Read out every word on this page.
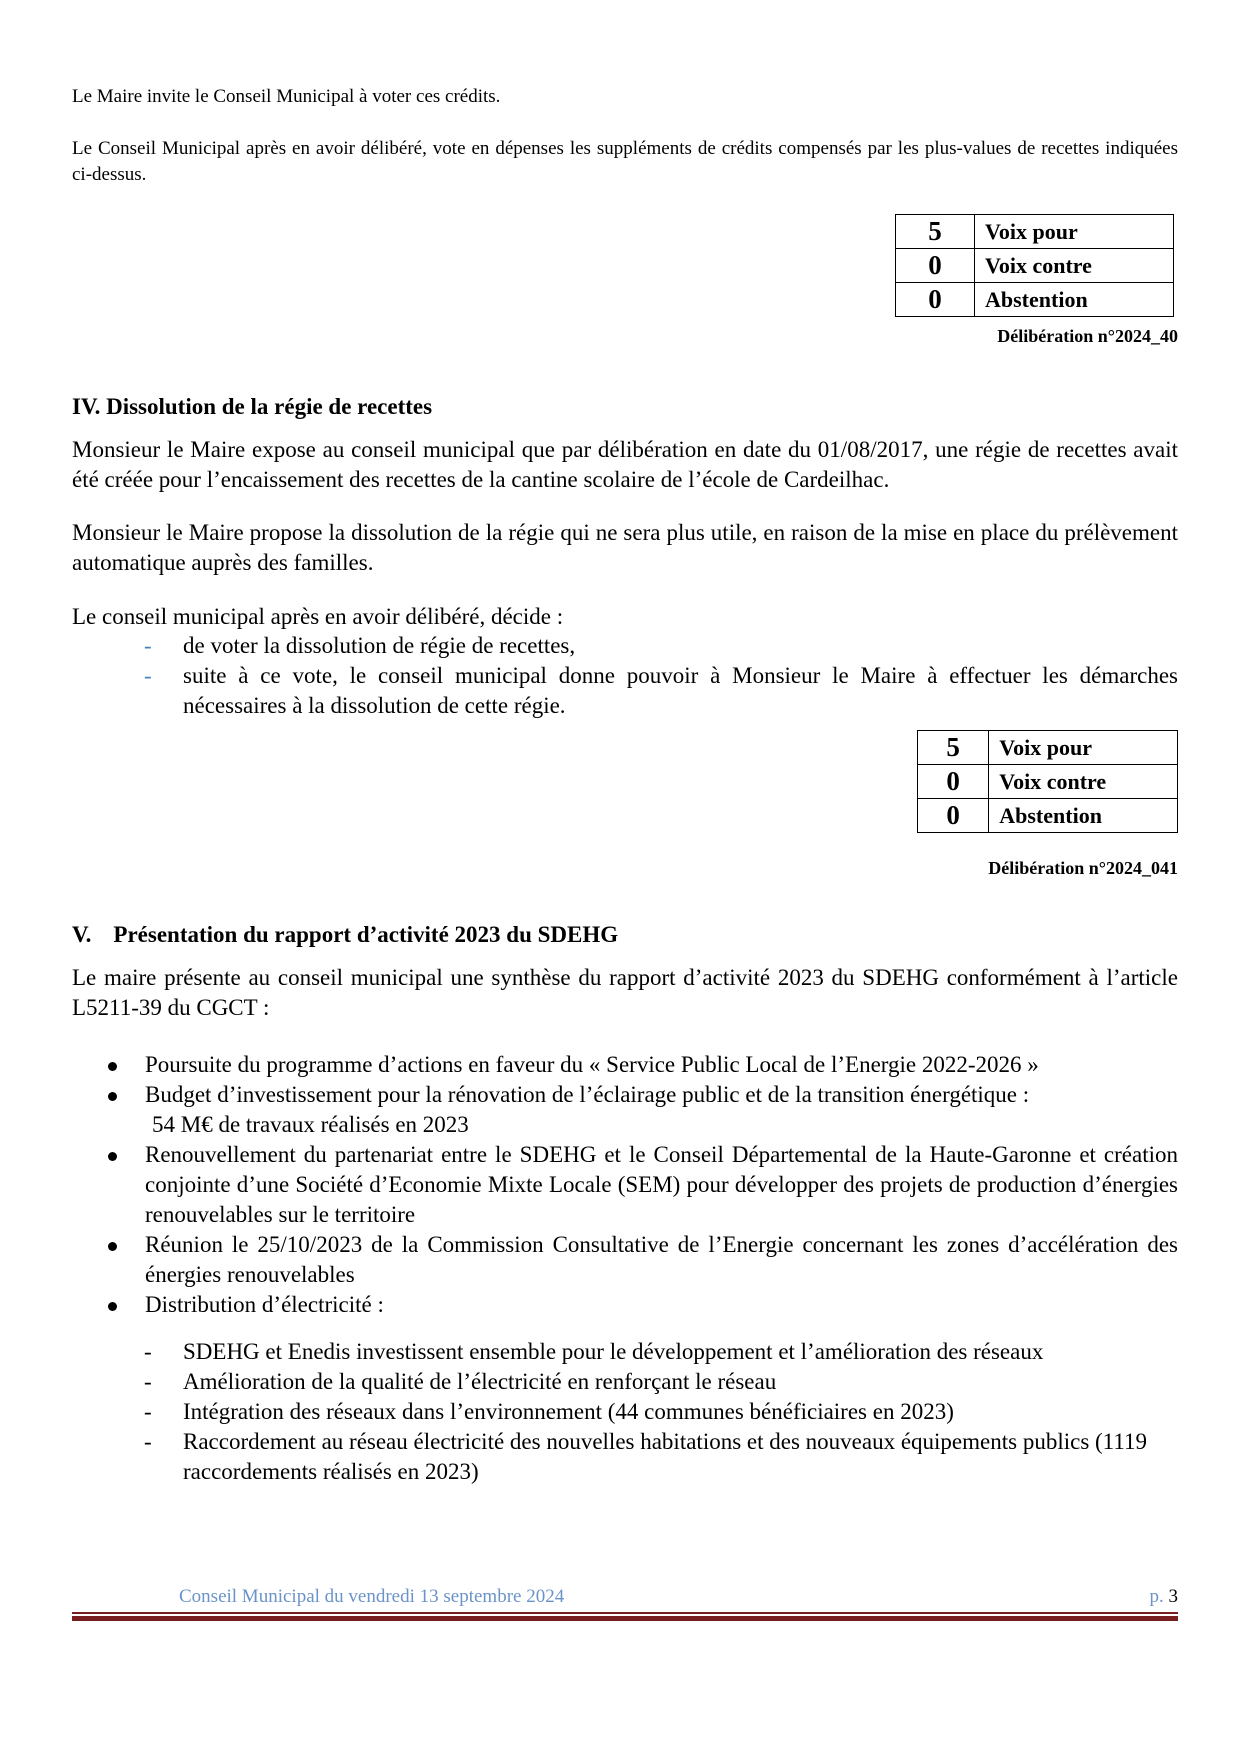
Le Maire invite le Conseil Municipal à voter ces crédits.

Le Conseil Municipal après en avoir délibéré, vote en dépenses les suppléments de crédits compensés par les plus-values de recettes indiquées ci-dessus.

5	Voix pour
0	Voix contre
0	Abstention
Délibération n°2024_40
IV. Dissolution de la régie de recettes

Monsieur le Maire expose au conseil municipal que par délibération en date du 01/08/2017, une régie de recettes avait été créée pour l’encaissement des recettes de la cantine scolaire de l’école de Cardeilhac.

Monsieur le Maire propose la dissolution de la régie qui ne sera plus utile, en raison de la mise en place du prélèvement automatique auprès des familles.

Le conseil municipal après en avoir délibéré, décide :

- de voter la dissolution de régie de recettes,
- suite à ce vote, le conseil municipal donne pouvoir à Monsieur le Maire à effectuer les démarches nécessaires à la dissolution de cette régie.
5	Voix pour
0	Voix contre
0	Abstention
Délibération n°2024_041
V. Présentation du rapport d’activité 2023 du SDEHG

Le maire présente au conseil municipal une synthèse du rapport d’activité 2023 du SDEHG conformément à l’article L5211-39 du CGCT :

Poursuite du programme d’actions en faveur du « Service Public Local de l’Energie 2022-2026 »
Budget d’investissement pour la rénovation de l’éclairage public et de la transition énergétique :
54 M€ de travaux réalisés en 2023
Renouvellement du partenariat entre le SDEHG et le Conseil Départemental de la Haute-Garonne et création conjointe d’une Société d’Economie Mixte Locale (SEM) pour développer des projets de production d’énergies renouvelables sur le territoire
Réunion le 25/10/2023 de la Commission Consultative de l’Energie concernant les zones d’accélération des énergies renouvelables
Distribution d’électricité :
- SDEHG et Enedis investissent ensemble pour le développement et l’amélioration des réseaux
- Amélioration de la qualité de l’électricité en renforçant le réseau
- Intégration des réseaux dans l’environnement (44 communes bénéficiaires en 2023)
- Raccordement au réseau électricité des nouvelles habitations et des nouveaux équipements publics (1119 raccordements réalisés en 2023)
Conseil Municipal du vendredi 13 septembre 2024	p. 3
